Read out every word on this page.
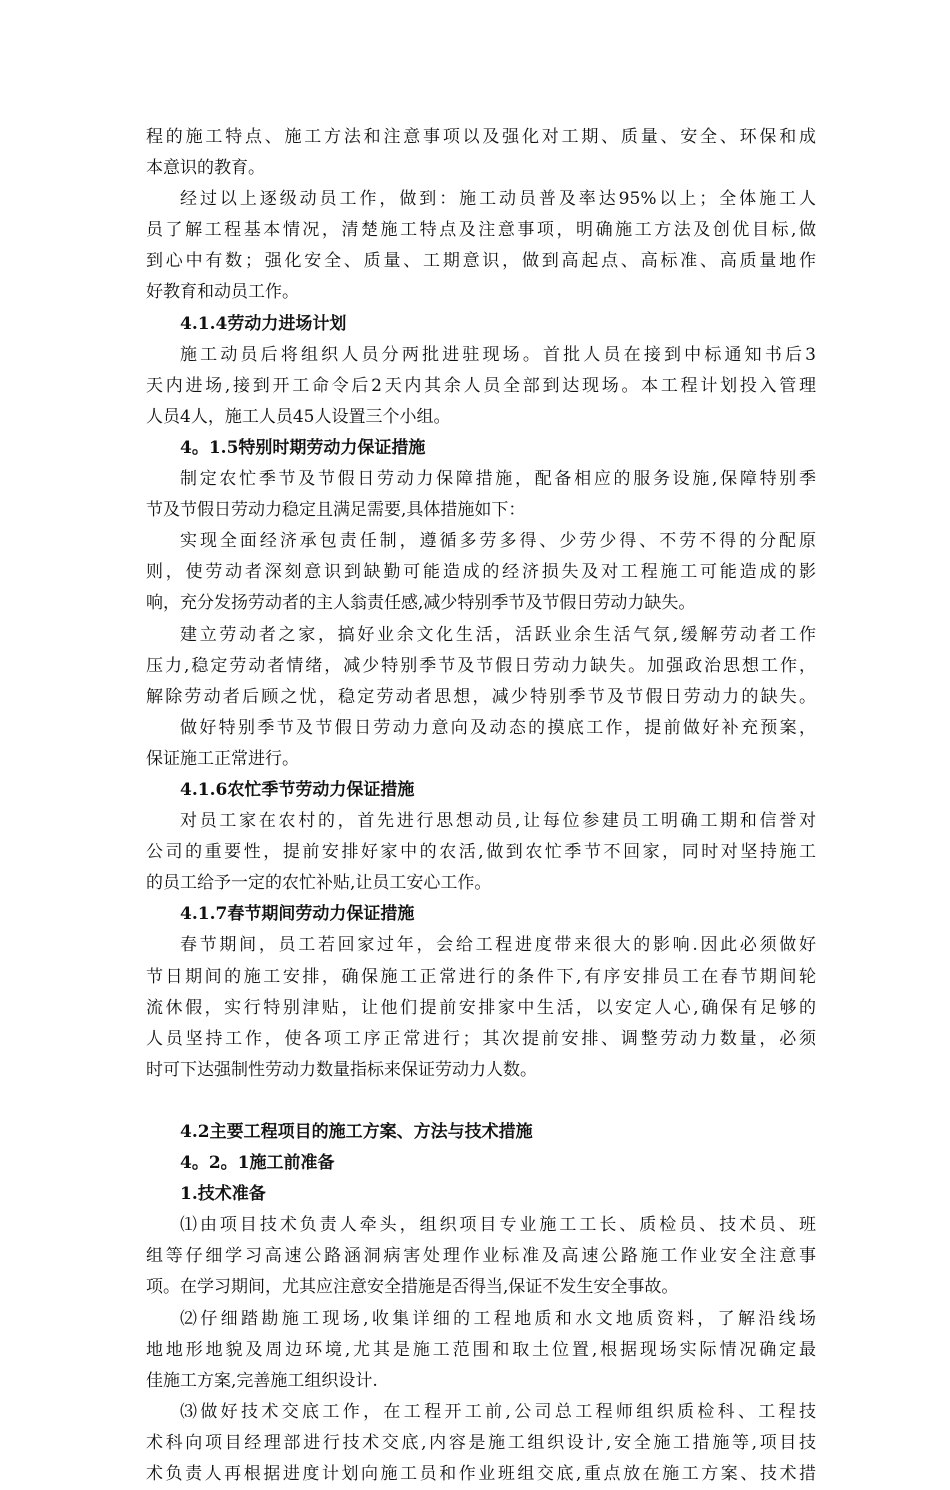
程的施工特点、施工方法和注意事项以及强化对工期、质量、安全、环保和成
本意识的教育。
经过以上逐级动员工作，做到：施工动员普及率达95%以上；全体施工人
员了解工程基本情况，清楚施工特点及注意事项，明确施工方法及创优目标,做
到心中有数；强化安全、质量、工期意识，做到高起点、高标准、高质量地作
好教育和动员工作。
4.1.4劳动力进场计划
施工动员后将组织人员分两批进驻现场。首批人员在接到中标通知书后3
天内进场,接到开工命令后2天内其余人员全部到达现场。本工程计划投入管理
人员4人，施工人员45人设置三个小组。
4。1.5特别时期劳动力保证措施
制定农忙季节及节假日劳动力保障措施，配备相应的服务设施,保障特别季
节及节假日劳动力稳定且满足需要,具体措施如下：
实现全面经济承包责任制，遵循多劳多得、少劳少得、不劳不得的分配原
则，使劳动者深刻意识到缺勤可能造成的经济损失及对工程施工可能造成的影
响，充分发扬劳动者的主人翁责任感,减少特别季节及节假日劳动力缺失。
建立劳动者之家，搞好业余文化生活，活跃业余生活气氛,缓解劳动者工作
压力,稳定劳动者情绪，减少特别季节及节假日劳动力缺失。加强政治思想工作，
解除劳动者后顾之忧，稳定劳动者思想，减少特别季节及节假日劳动力的缺失。
做好特别季节及节假日劳动力意向及动态的摸底工作，提前做好补充预案，
保证施工正常进行。
4.1.6农忙季节劳动力保证措施
对员工家在农村的，首先进行思想动员,让每位参建员工明确工期和信誉对
公司的重要性，提前安排好家中的农活,做到农忙季节不回家，同时对坚持施工
的员工给予一定的农忙补贴,让员工安心工作。
4.1.7春节期间劳动力保证措施
春节期间，员工若回家过年，会给工程进度带来很大的影响.因此必须做好
节日期间的施工安排，确保施工正常进行的条件下,有序安排员工在春节期间轮
流休假，实行特别津贴，让他们提前安排家中生活，以安定人心,确保有足够的
人员坚持工作，使各项工序正常进行；其次提前安排、调整劳动力数量，必须
时可下达强制性劳动力数量指标来保证劳动力人数。
4.2主要工程项目的施工方案、方法与技术措施
4。2。1施工前准备
1.技术准备
⑴由项目技术负责人牵头，组织项目专业施工工长、质检员、技术员、班
组等仔细学习高速公路涵洞病害处理作业标准及高速公路施工作业安全注意事
项。在学习期间，尤其应注意安全措施是否得当,保证不发生安全事故。
⑵仔细踏勘施工现场,收集详细的工程地质和水文地质资料，了解沿线场
地地形地貌及周边环境,尤其是施工范围和取土位置,根据现场实际情况确定最
佳施工方案,完善施工组织设计.
⑶做好技术交底工作，在工程开工前,公司总工程师组织质检科、工程技
术科向项目经理部进行技术交底,内容是施工组织设计,安全施工措施等,项目技
术负责人再根据进度计划向施工员和作业班组交底,重点放在施工方案、技术措
